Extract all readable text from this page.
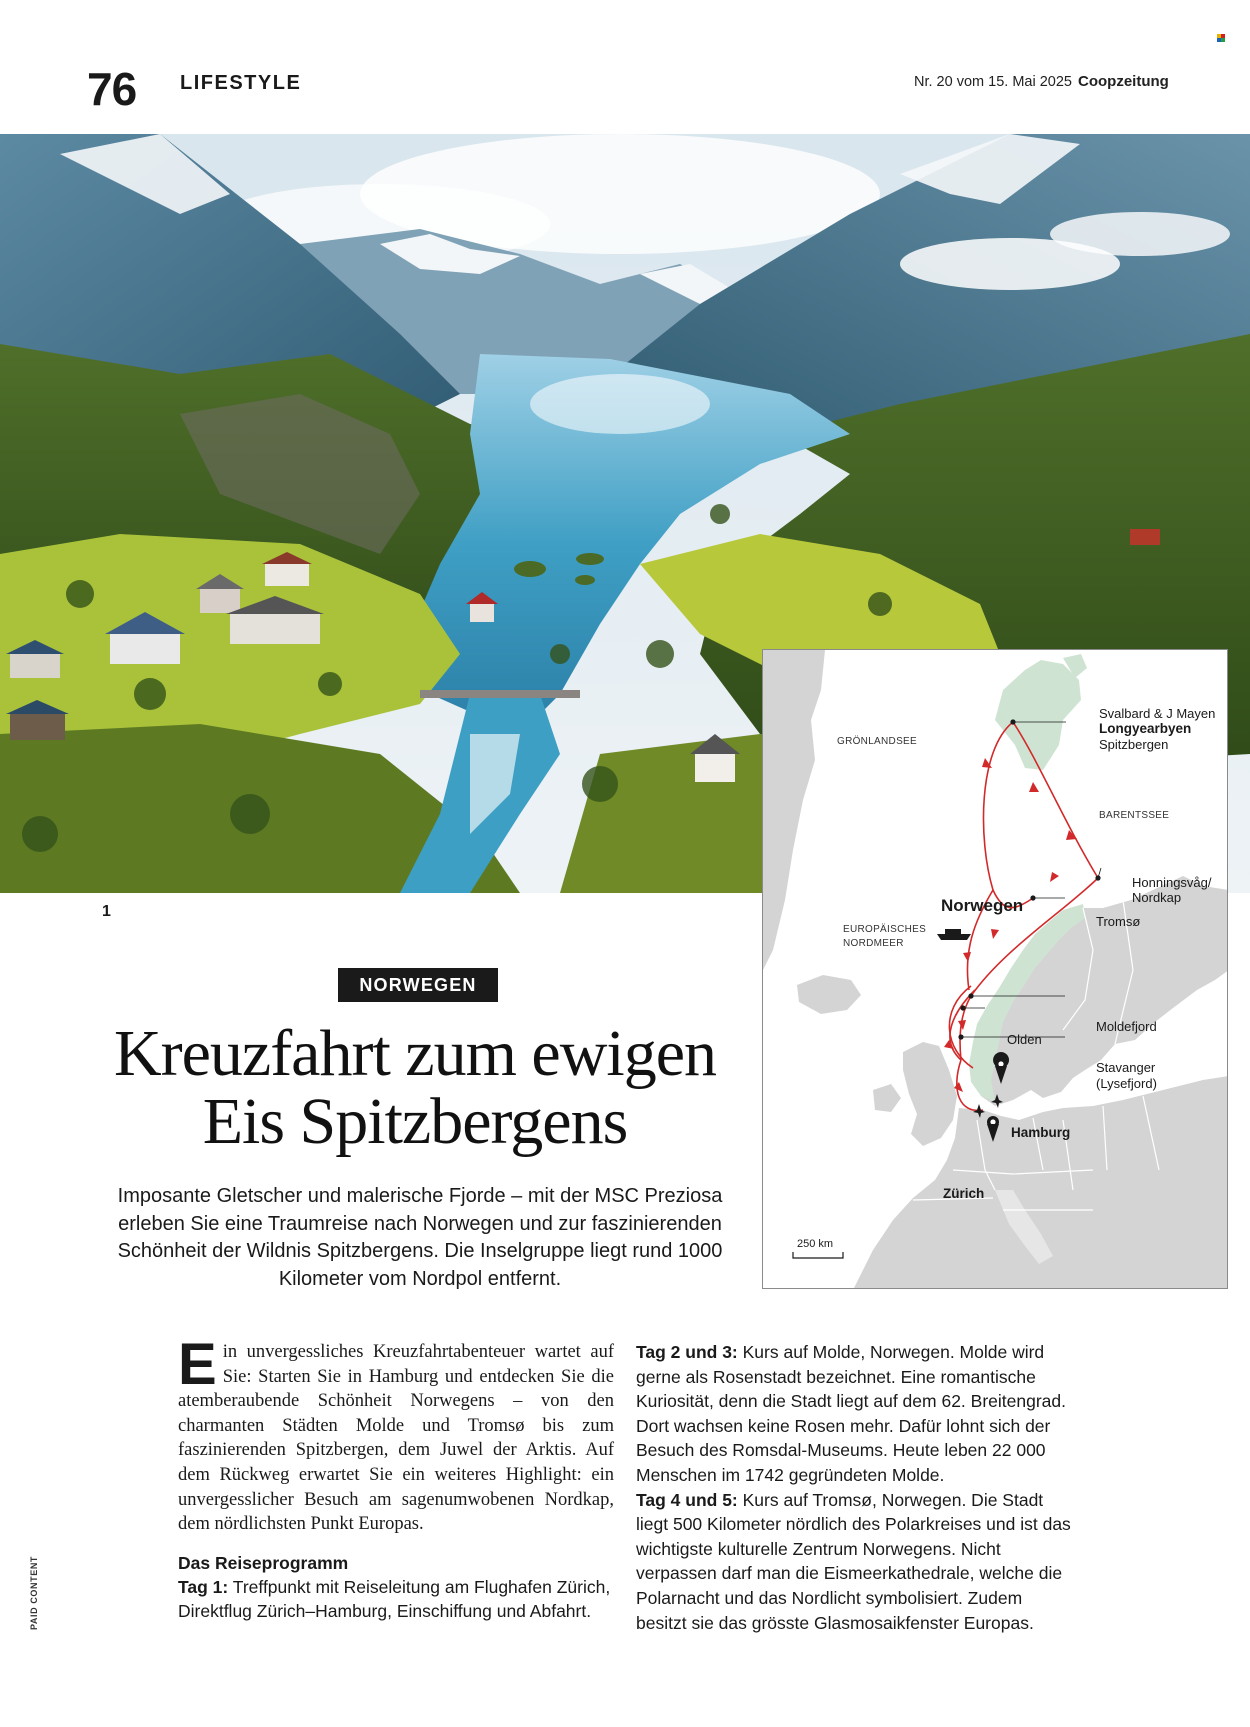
76 LIFESTYLE	Nr. 20 vom 15. Mai 2025 Coopzeitung
1
GRÖNLANDSEE
BARENTSSEE
EUROPÄISCHES
NORDMEER
Svalbard & J Mayen
Longyearbyen
Spitzbergen
Honningsvåg/
Nordkap
Norwegen
Tromsø
Moldefjord
Olden
Stavanger
(Lysefjord)
Hamburg
Zürich
250 km
NORWEGEN
Kreuzfahrt zum ewigen
Eis Spitzbergens
Imposante Gletscher und malerische Fjorde – mit der MSC Preziosa erleben Sie eine Traumreise nach Norwegen und zur faszinierenden Schönheit der Wildnis Spitzbergens. Die Inselgruppe liegt rund 1000 Kilometer vom Nordpol entfernt.
Ein unvergessliches Kreuzfahrtabenteuer wartet auf Sie: Starten Sie in Hamburg und entdecken Sie die atemberaubende Schönheit Norwegens – von den charmanten Städten Molde und Tromsø bis zum faszinierenden Spitzbergen, dem Juwel der Arktis. Auf dem Rückweg erwartet Sie ein weiteres Highlight: ein unvergesslicher Besuch am sagenumwobenen Nordkap, dem nördlichsten Punkt Europas.
Das Reiseprogramm
Tag 1: Treffpunkt mit Reiseleitung am Flughafen Zürich, Direktflug Zürich–Hamburg, Einschiffung und Abfahrt.
Tag 2 und 3: Kurs auf Molde, Norwegen. Molde wird gerne als Rosenstadt bezeichnet. Eine romantische Kuriosität, denn die Stadt liegt auf dem 62. Breitengrad. Dort wachsen keine Rosen mehr. Dafür lohnt sich der Besuch des Romsdal-Museums. Heute leben 22 000 Menschen im 1742 gegründeten Molde.
Tag 4 und 5: Kurs auf Tromsø, Norwegen. Die Stadt liegt 500 Kilometer nördlich des Polarkreises und ist das wichtigste kulturelle Zentrum Norwegens. Nicht verpassen darf man die Eismeerkathedrale, welche die Polarnacht und das Nordlicht symbolisiert. Zudem besitzt sie das grösste Glasmosaikfenster Europas.
PAID CONTENT
